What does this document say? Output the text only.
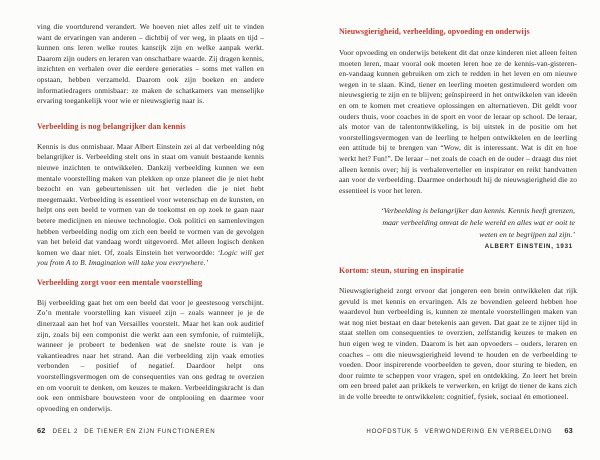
ving die voortdurend verandert. We hoeven niet alles zelf uit te vinden want de ervaringen van anderen – dichtbij of ver weg, in plaats en tijd – kunnen ons leren welke routes kansrijk zijn en welke aanpak werkt. Daarom zijn ouders en leraren van onschatbare waarde. Zij dragen kennis, inzichten en verhalen over die eerdere generaties – soms met vallen en opstaan, hebben verzameld. Daarom ook zijn boeken en andere informatiedragers onmisbaar: ze maken de schatkamers van menselijke ervaring toegankelijk voor wie er nieuwsgierig naar is.

Verbeelding is nog belangrijker dan kennis

Kennis is dus onmisbaar. Maar Albert Einstein zei al dat verbeelding nóg belangrijker is. Verbeelding stelt ons in staat om vanuit bestaande kennis nieuwe inzichten te ontwikkelen. Dankzij verbeelding kunnen we een mentale voorstelling maken van plekken op onze planeet die je niet hebt bezocht en van gebeurtenissen uit het verleden die je niet hebt meegemaakt. Verbeelding is essentieel voor wetenschap en de kunsten, en helpt ons een beeld te vormen van de toekomst en op zoek te gaan naar betere medicijnen en nieuwe technologie. Ook politici en samenlevingen hebben verbeelding nodig om zich een beeld te vormen van de gevolgen van het beleid dat vandaag wordt uitgevoerd. Met alleen logisch denken komen we daar niet. Of, zoals Einstein het verwoordde: ‘Logic will get you from A to B. Imagination will take you everywhere.’

Verbeelding zorgt voor een mentale voorstelling

Bij verbeelding gaat het om een beeld dat voor je geestesoog verschijnt. Zo’n mentale voorstelling kan visueel zijn – zoals wanneer je je de dinerzaal aan het hof van Versailles voorstelt. Maar het kan ook auditief zijn, zoals bij een componist die werkt aan een symfonie, of ruimtelijk, wanneer je probeert te bedenken wat de snelste route is van je vakantieadres naar het strand. Aan die verbeelding zijn vaak emoties verbonden – positief of negatief. Daardoor helpt ons voorstellingsvermogen om de consequenties van ons gedrag te overzien en om vooruit te denken, om keuzes te maken. Verbeeldingskracht is dan ook een onmisbare bouwsteen voor de ontplooiing en daarmee voor opvoeding en onderwijs.

Nieuwsgierigheid, verbeelding, opvoeding en onderwijs

Voor opvoeding en onderwijs betekent dit dat onze kinderen niet alleen feiten moeten leren, maar vooral ook moeten leren hoe ze de kennis-van-gisteren-en-vandaag kunnen gebruiken om zich te redden in het leven en om nieuwe wegen in te slaan. Kind, tiener en leerling moeten gestimuleerd worden om nieuwsgierig te zijn en te blijven; geïnspireerd in het ontwikkelen van ideeën en om te komen met creatieve oplossingen en alternatieven. Dit geldt voor ouders thuis, voor coaches in de sport en voor de leraar op school. De leraar, als motor van de talentontwikkeling, is bij uitstek in de positie om het voorstellingsvermogen van de leerling te helpen ontwikkelen en de leerling een attitude bij te brengen van “Wow, dit is interessant. Wat is dit en hoe werkt het? Fun!”. De leraar – net zoals de coach en de ouder – draagt dus niet alleen kennis over; hij is verhalenverteller en inspirator en reikt handvatten aan voor de verbeelding. Daarmee onderhoudt hij de nieuwsgierigheid die zo essentieel is voor het leren.

‘Verbeelding is belangrijker dan kennis. Kennis heeft grenzen, maar verbeelding omvat de hele wereld en alles wat er ooit te weten en te begrijpen zal zijn.’
ALBERT EINSTEIN, 1931
Kortom: steun, sturing en inspiratie

Nieuwsgierigheid zorgt ervoor dat jongeren een brein ontwikkelen dat rijk gevuld is met kennis en ervaringen. Als ze bovendien geleerd hebben hoe waardevol hun verbeelding is, kunnen ze mentale voorstellingen maken van wat nog niet bestaat en daar betekenis aan geven. Dat gaat ze te zijner tijd in staat stellen om consequenties te overzien, zelfstandig keuzes te maken en hun eigen weg te vinden. Daarom is het aan opvoeders – ouders, leraren en coaches – om die nieuwsgierigheid levend te houden en de verbeelding te voeden. Door inspirerende voorbeelden te geven, door sturing te bieden, en door ruimte te scheppen voor vragen, spel en ontdekking. Zo leert het brein om een breed palet aan prikkels te verwerken, en krijgt de tiener de kans zich in de volle breedte te ontwikkelen: cognitief, fysiek, sociaal én emotioneel.

62 DEEL 2 DE TIENER EN ZIJN FUNCTIONEREN	HOOFDSTUK 5 VERWONDERING EN VERBEELDING 63
